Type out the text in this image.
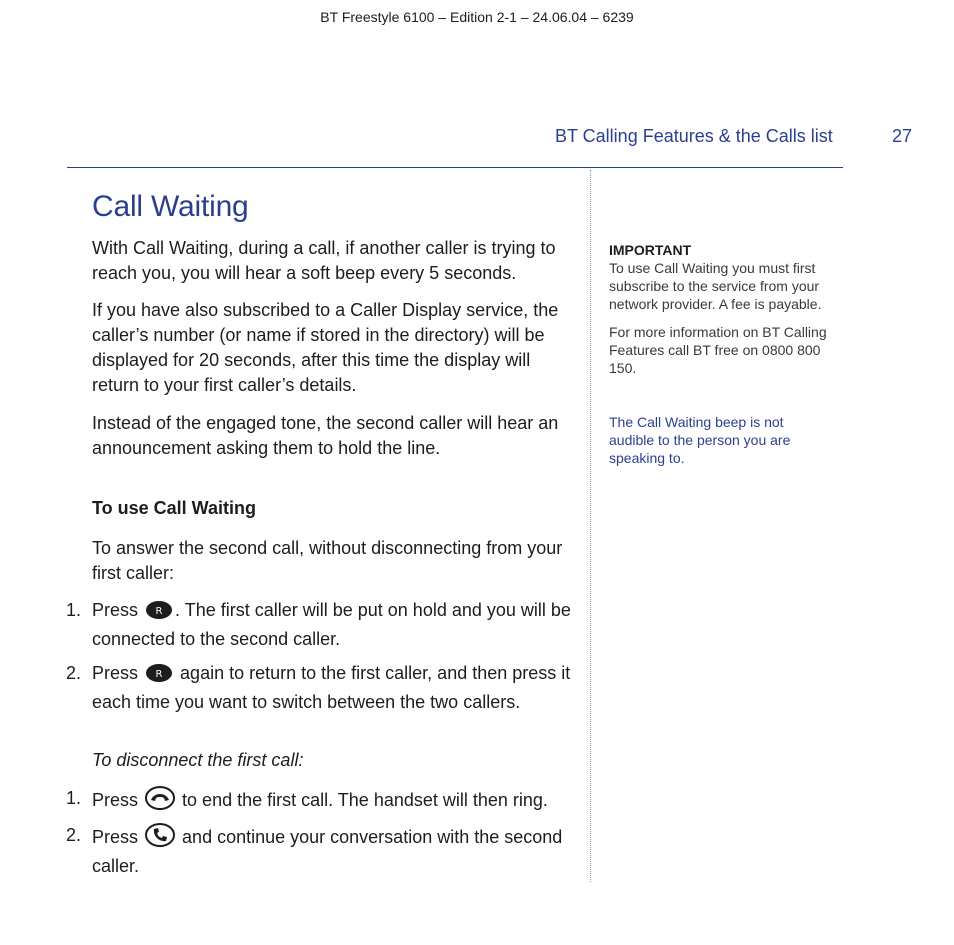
BT Freestyle 6100 – Edition 2-1 – 24.06.04 – 6239
BT Calling Features & the Calls list	27
Call Waiting

With Call Waiting, during a call, if another caller is trying to reach you, you will hear a soft beep every 5 seconds.

If you have also subscribed to a Caller Display service, the caller’s number (or name if stored in the directory) will be displayed for 20 seconds, after this time the display will return to your first caller’s details.

Instead of the engaged tone, the second caller will hear an announcement asking them to hold the line.

To use Call Waiting

To answer the second call, without disconnecting from your first caller:

1. Press R . The first caller will be put on hold and you will be connected to the second caller.
2. Press R again to return to the first caller, and then press it each time you want to switch between the two callers.

To disconnect the first call:

1. Press to end the first call. The handset will then ring.
2. Press and continue your conversation with the second caller.

IMPORTANT
To use Call Waiting you must first subscribe to the service from your network provider. A fee is payable.

For more information on BT Calling Features call BT free on 0800 800 150.

The Call Waiting beep is not audible to the person you are speaking to.
